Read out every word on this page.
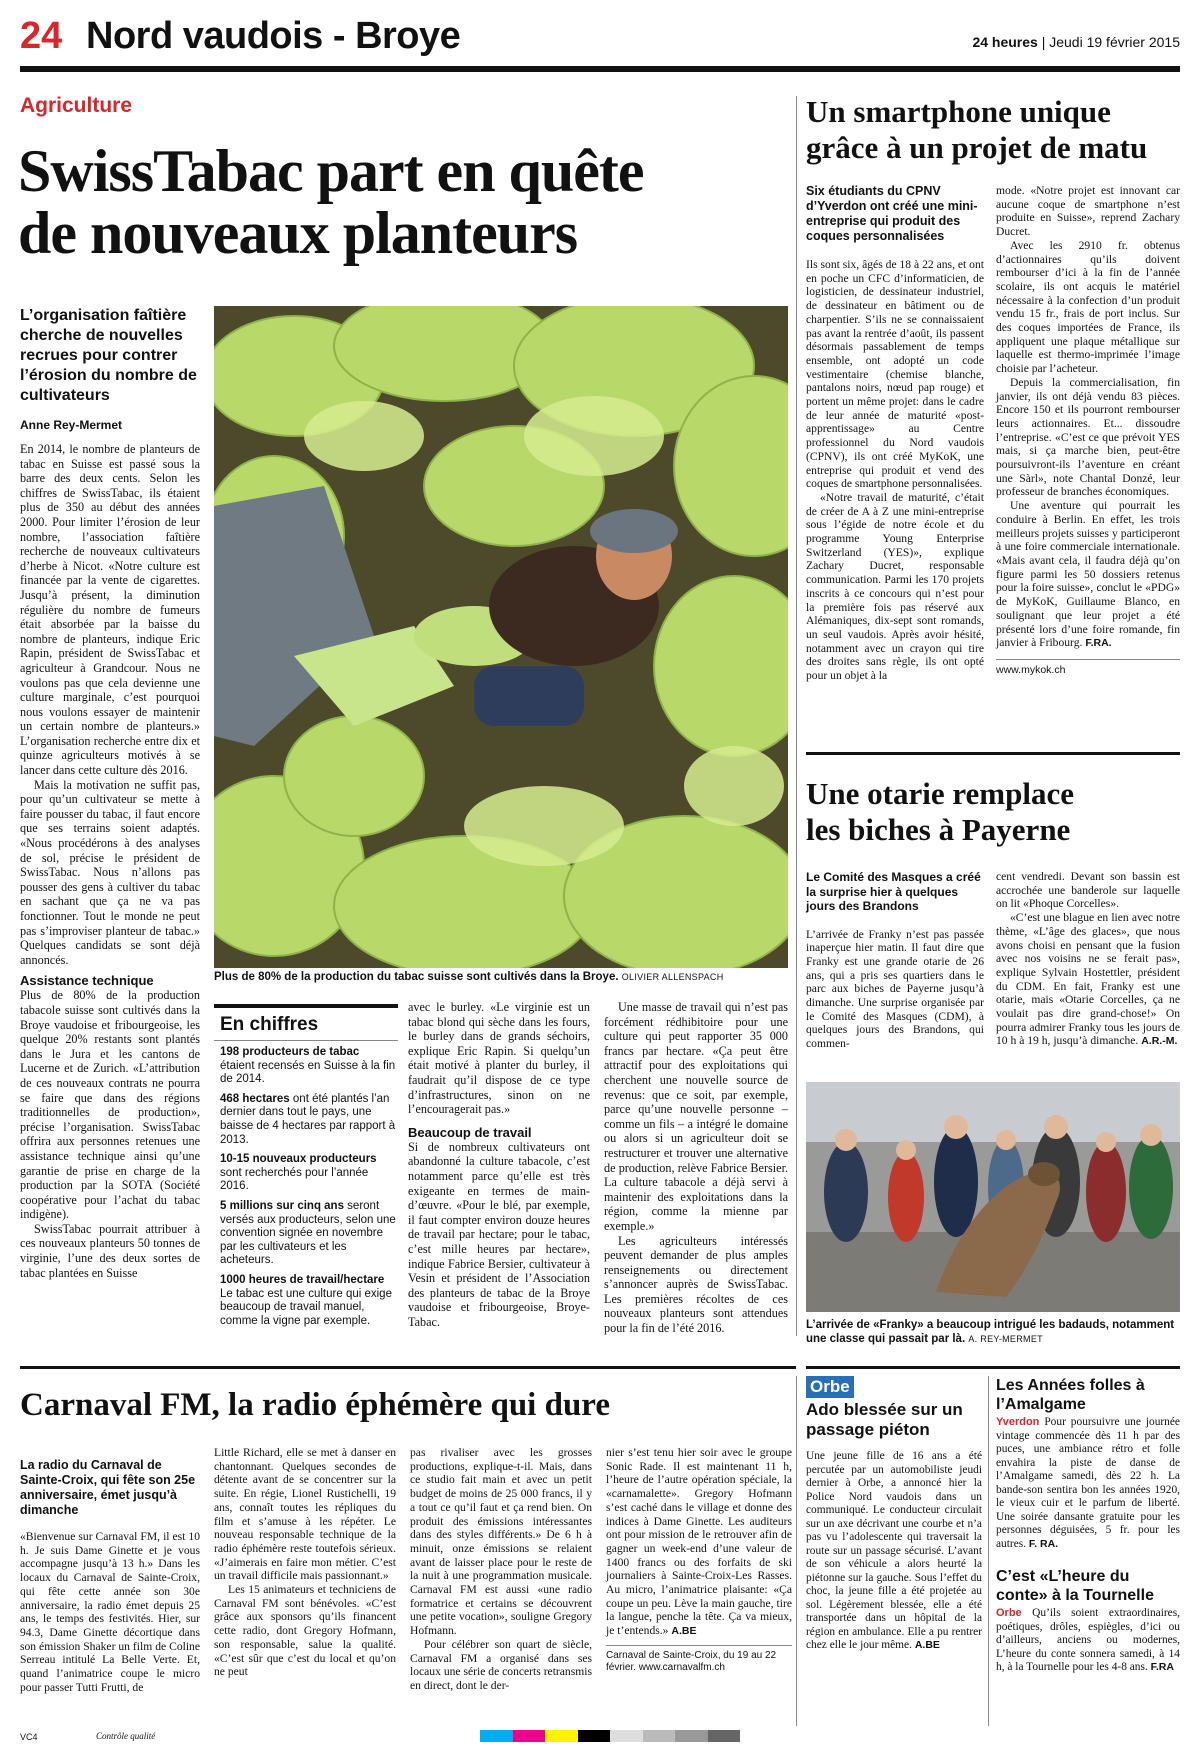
24 Nord vaudois - Broye	24 heures | Jeudi 19 février 2015
Agriculture
SwissTabac part en quête
de nouveaux planteurs
L’organisation faîtière cherche de nouvelles recrues pour contrer l’érosion du nombre de cultivateurs
Anne Rey-Mermet

En 2014, le nombre de planteurs de tabac en Suisse est passé sous la barre des deux cents. Selon les chiffres de SwissTabac, ils étaient plus de 350 au début des années 2000. Pour limiter l’érosion de leur nombre, l’association faîtière recherche de nouveaux cultivateurs d’herbe à Nicot. «Notre culture est financée par la vente de cigarettes. Jusqu’à présent, la diminution régulière du nombre de fumeurs était absorbée par la baisse du nombre de planteurs, indique Eric Rapin, président de SwissTabac et agriculteur à Grandcour. Nous ne voulons pas que cela devienne une culture marginale, c’est pourquoi nous voulons essayer de maintenir un certain nombre de planteurs.» L’organisation recherche entre dix et quinze agriculteurs motivés à se lancer dans cette culture dès 2016.

Mais la motivation ne suffit pas, pour qu’un cultivateur se mette à faire pousser du tabac, il faut encore que ses terrains soient adaptés. «Nous procédérons à des analyses de sol, précise le président de SwissTabac. Nous n’allons pas pousser des gens à cultiver du tabac en sachant que ça ne va pas fonctionner. Tout le monde ne peut pas s’improviser planteur de tabac.» Quelques candidats se sont déjà annoncés.

Assistance technique

Plus de 80% de la production tabacole suisse sont cultivés dans la Broye vaudoise et fribourgeoise, les quelque 20% restants sont plantés dans le Jura et les cantons de Lucerne et de Zurich. «L’attribution de ces nouveaux contrats ne pourra se faire que dans des régions traditionnelles de production», précise l’organisation. SwissTabac offrira aux personnes retenues une assistance technique ainsi qu’une garantie de prise en charge de la production par la SOTA (Société coopérative pour l’achat du tabac indigène).

SwissTabac pourrait attribuer à ces nouveaux planteurs 50 tonnes de virginie, l’une des deux sortes de tabac plantées en Suisse

Plus de 80% de la production du tabac suisse sont cultivés dans la Broye. OLIVIER ALLENSPACH
En chiffres
198 producteurs de tabac étaient recensés en Suisse à la fin de 2014.
468 hectares ont été plantés l’an dernier dans tout le pays, une baisse de 4 hectares par rapport à 2013.
10-15 nouveaux producteurs sont recherchés pour l’année 2016.
5 millions sur cinq ans seront versés aux producteurs, selon une convention signée en novembre par les cultivateurs et les acheteurs.
1000 heures de travail/hectare Le tabac est une culture qui exige beaucoup de travail manuel, comme la vigne par exemple.

avec le burley. «Le virginie est un tabac blond qui sèche dans les fours, le burley dans de grands séchoirs, explique Eric Rapin. Si quelqu’un était motivé à planter du burley, il faudrait qu’il dispose de ce type d’infrastructures, sinon on ne l’encouragerait pas.»

Beaucoup de travail

Si de nombreux cultivateurs ont abandonné la culture tabacole, c’est notamment parce qu’elle est très exigeante en termes de main-d’œuvre. «Pour le blé, par exemple, il faut compter environ douze heures de travail par hectare; pour le tabac, c’est mille heures par hectare», indique Fabrice Bersier, cultivateur à Vesin et président de l’Association des planteurs de tabac de la Broye vaudoise et fribourgeoise, Broye-Tabac.

Une masse de travail qui n’est pas forcément rédhibitoire pour une culture qui peut rapporter 35 000 francs par hectare. «Ça peut être attractif pour des exploitations qui cherchent une nouvelle source de revenus: que ce soit, par exemple, parce qu’une nouvelle personne – comme un fils – a intégré le domaine ou alors si un agriculteur doit se restructurer et trouver une alternative de production, relève Fabrice Bersier. La culture tabacole a déjà servi à maintenir des exploitations dans la région, comme la mienne par exemple.»

Les agriculteurs intéressés peuvent demander de plus amples renseignements ou directement s’annoncer auprès de SwissTabac. Les premières récoltes de ces nouveaux planteurs sont attendues pour la fin de l’été 2016.

Un smartphone unique
grâce à un projet de matu
Six étudiants du CPNV d’Yverdon ont créé une mini-entreprise qui produit des coques personnalisées

Ils sont six, âgés de 18 à 22 ans, et ont en poche un CFC d’informaticien, de logisticien, de dessinateur industriel, de dessinateur en bâtiment ou de charpentier. S’ils ne se connaissaient pas avant la rentrée d’août, ils passent désormais passablement de temps ensemble, ont adopté un code vestimentaire (chemise blanche, pantalons noirs, nœud pap rouge) et portent un même projet: dans le cadre de leur année de maturité «post-apprentissage» au Centre professionnel du Nord vaudois (CPNV), ils ont créé MyKoK, une entreprise qui produit et vend des coques de smartphone personnalisées.

«Notre travail de maturité, c’était de créer de A à Z une mini-entreprise sous l’égide de notre école et du programme Young Enterprise Switzerland (YES)», explique Zachary Ducret, responsable communication. Parmi les 170 projets inscrits à ce concours qui n’est pour la première fois pas réservé aux Alémaniques, dix-sept sont romands, un seul vaudois. Après avoir hésité, notamment avec un crayon qui tire des droites sans règle, ils ont opté pour un objet à la

mode. «Notre projet est innovant car aucune coque de smartphone n’est produite en Suisse», reprend Zachary Ducret.

Avec les 2910 fr. obtenus d’actionnaires qu’ils doivent rembourser d’ici à la fin de l’année scolaire, ils ont acquis le matériel nécessaire à la confection d’un produit vendu 15 fr., frais de port inclus. Sur des coques importées de France, ils appliquent une plaque métallique sur laquelle est thermo-imprimée l’image choisie par l’acheteur.

Depuis la commercialisation, fin janvier, ils ont déjà vendu 83 pièces. Encore 150 et ils pourront rembourser leurs actionnaires. Et... dissoudre l’entreprise. «C’est ce que prévoit YES mais, si ça marche bien, peut-être poursuivront-ils l’aventure en créant une Sàrl», note Chantal Donzé, leur professeur de branches économiques.

Une aventure qui pourrait les conduire à Berlin. En effet, les trois meilleurs projets suisses y participeront à une foire commerciale internationale. «Mais avant cela, il faudra déjà qu’on figure parmi les 50 dossiers retenus pour la foire suisse», conclut le «PDG» de MyKoK, Guillaume Blanco, en soulignant que leur projet a été présenté lors d’une foire romande, fin janvier à Fribourg. F.RA.

www.mykok.ch
Une otarie remplace
les biches à Payerne
Le Comité des Masques a créé la surprise hier à quelques jours des Brandons

L’arrivée de Franky n’est pas passée inaperçue hier matin. Il faut dire que Franky est une grande otarie de 26 ans, qui a pris ses quartiers dans le parc aux biches de Payerne jusqu’à dimanche. Une surprise organisée par le Comité des Masques (CDM), à quelques jours des Brandons, qui commen-

cent vendredi. Devant son bassin est accrochée une banderole sur laquelle on lit «Phoque Corcelles».

«C’est une blague en lien avec notre thème, «L’âge des glaces», que nous avons choisi en pensant que la fusion avec nos voisins ne se ferait pas», explique Sylvain Hostettler, président du CDM. En fait, Franky est une otarie, mais «Otarie Corcelles, ça ne voulait pas dire grand-chose!» On pourra admirer Franky tous les jours de 10 h à 19 h, jusqu’à dimanche. A.R.-M.

L’arrivée de «Franky» a beaucoup intrigué les badauds, notamment une classe qui passait par là. A. REY-MERMET
Carnaval FM, la radio éphémère qui dure
La radio du Carnaval de Sainte-Croix, qui fête son 25e anniversaire, émet jusqu’à dimanche

«Bienvenue sur Carnaval FM, il est 10 h. Je suis Dame Ginette et je vous accompagne jusqu’à 13 h.» Dans les locaux du Carnaval de Sainte-Croix, qui fête cette année son 30e anniversaire, la radio émet depuis 25 ans, le temps des festivités. Hier, sur 94.3, Dame Ginette décortique dans son émission Shaker un film de Coline Serreau intitulé La Belle Verte. Et, quand l’animatrice coupe le micro pour passer Tutti Frutti, de

Little Richard, elle se met à danser en chantonnant. Quelques secondes de détente avant de se concentrer sur la suite. En régie, Lionel Rustichelli, 19 ans, connaît toutes les répliques du film et s’amuse à les répéter. Le nouveau responsable technique de la radio éphémère reste toutefois sérieux. «J’aimerais en faire mon métier. C’est un travail difficile mais passionnant.»

Les 15 animateurs et techniciens de Carnaval FM sont bénévoles. «C’est grâce aux sponsors qu’ils financent cette radio, dont Gregory Hofmann, son responsable, salue la qualité. «C’est sûr que c’est du local et qu’on ne peut

pas rivaliser avec les grosses productions, explique-t-il. Mais, dans ce studio fait main et avec un petit budget de moins de 25 000 francs, il y a tout ce qu’il faut et ça rend bien. On produit des émissions intéressantes dans des styles différents.» De 6 h à minuit, onze émissions se relaient avant de laisser place pour le reste de la nuit à une programmation musicale. Carnaval FM est aussi «une radio formatrice et certains se découvrent une petite vocation», souligne Gregory Hofmann.

Pour célébrer son quart de siècle, Carnaval FM a organisé dans ses locaux une série de concerts retransmis en direct, dont le der-

nier s’est tenu hier soir avec le groupe Sonic Rade. Il est maintenant 11 h, l’heure de l’autre opération spéciale, la «carnamalette». Gregory Hofmann s’est caché dans le village et donne des indices à Dame Ginette. Les auditeurs ont pour mission de le retrouver afin de gagner un week-end d’une valeur de 1400 francs ou des forfaits de ski journaliers à Sainte-Croix-Les Rasses. Au micro, l’animatrice plaisante: «Ça coupe un peu. Lève la main gauche, tire la langue, penche la tête. Ça va mieux, je t’entends.» A.BE

Carnaval de Sainte-Croix, du 19 au 22 février. www.carnavalfm.ch
Orbe
Ado blessée sur un passage piéton

Une jeune fille de 16 ans a été percutée par un automobiliste jeudi dernier à Orbe, a annoncé hier la Police Nord vaudois dans un communiqué. Le conducteur circulait sur un axe décrivant une courbe et n’a pas vu l’adolescente qui traversait la route sur un passage sécurisé. L’avant de son véhicule a alors heurté la piétonne sur la gauche. Sous l’effet du choc, la jeune fille a été projetée au sol. Légèrement blessée, elle a été transportée dans un hôpital de la région en ambulance. Elle a pu rentrer chez elle le jour même. A.BE

Les Années folles à l’Amalgame

Yverdon Pour poursuivre une journée vintage commencée dès 11 h par des puces, une ambiance rétro et folle envahira la piste de danse de l’Amalgame samedi, dès 22 h. La bande-son sentira bon les années 1920, le vieux cuir et le parfum de liberté. Une soirée dansante gratuite pour les personnes déguisées, 5 fr. pour les autres. F. RA.

C’est «L’heure du conte» à la Tournelle

Orbe Qu’ils soient extraordinaires, poétiques, drôles, espiègles, d’ici ou d’ailleurs, anciens ou modernes, L’heure du conte sonnera samedi, à 14 h, à la Tournelle pour les 4-8 ans. F.RA

VC4	Contrôle qualité
